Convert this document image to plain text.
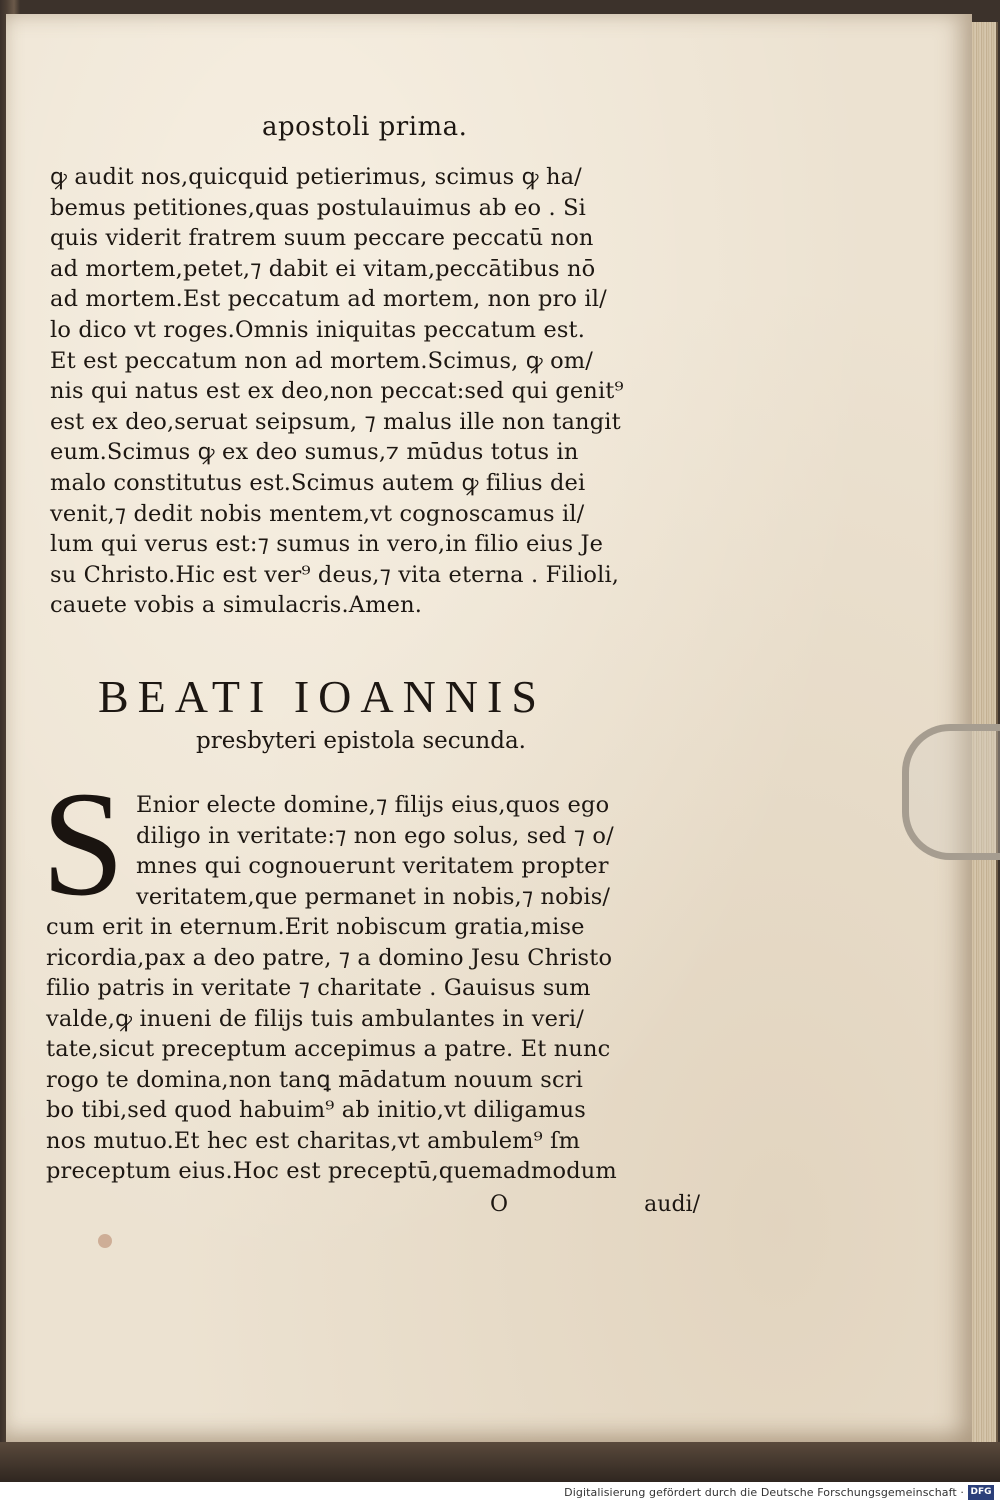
apostoli prima.
ꝙ audit nos,quicquid petierimus, scimus ꝙ ha/
bemus petitiones,quas postulauimus ab eo . Si
quis viderit fratrem suum peccare peccatū non
ad mortem,petet,⁊ dabit ei vitam,peccātibus nō
ad mortem.Est peccatum ad mortem, non pro il/
lo dico vt roges.Omnis iniquitas peccatum est.
Et est peccatum non ad mortem.Scimus, ꝙ om/
nis qui natus est ex deo,non peccat:sed qui genit⁹
est ex deo,seruat seipsum, ⁊ malus ille non tangit
eum.Scimus ꝙ ex deo sumus,⁊ mūdus totus in
malo constitutus est.Scimus autem ꝙ filius dei
venit,⁊ dedit nobis mentem,vt cognoscamus il/
lum qui verus est:⁊ sumus in vero,in filio eius Je
su Christo.Hic est ver⁹ deus,⁊ vita eterna . Filioli,
cauete vobis a simulacris.Amen.
BEATI IOANNIS
presbyteri epistola secunda.
S Enior electe domine,⁊ filijs eius,quos ego
diligo in veritate:⁊ non ego solus, sed ⁊ o/
mnes qui cognouerunt veritatem propter
veritatem,que permanet in nobis,⁊ nobis/
cum erit in eternum.Erit nobiscum gratia,mise
ricordia,pax a deo patre, ⁊ a domino Jesu Christo
filio patris in veritate ⁊ charitate . Gauisus sum
valde,ꝙ inueni de filijs tuis ambulantes in veri/
tate,sicut preceptum accepimus a patre. Et nunc
rogo te domina,non tanꝗ mādatum nouum scri
bo tibi,sed quod habuim⁹ ab initio,vt diligamus
nos mutuo.Et hec est charitas,vt ambulem⁹ ſm
preceptum eius.Hoc est preceptū,quemadmodum
O	audi/
Digitalisierung gefördert durch die Deutsche Forschungsgemeinschaft · DFG
